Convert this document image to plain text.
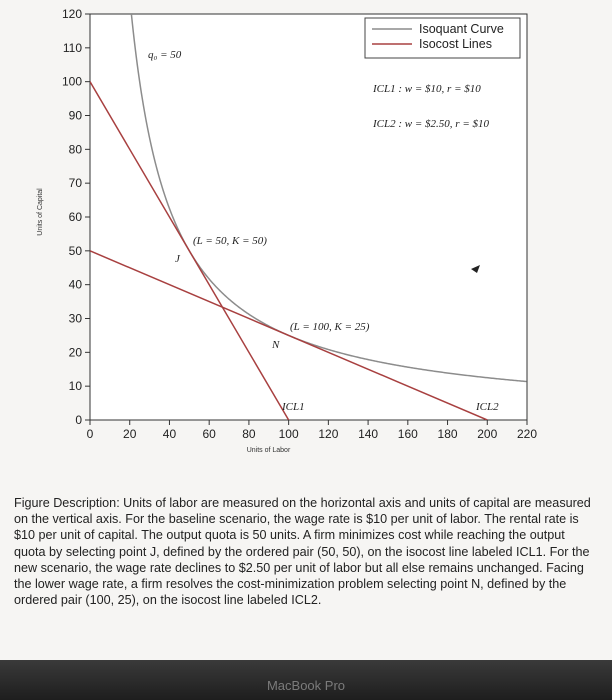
0
10
20
30
40
50
60
70
80
90
100
110
120
0 20 40 60 80 100 120 140 160 180 200 220
Units of Labor
Units of Capital
Isoquant Curve
Isocost Lines
q₀ = 50
ICL1 : w = $10, r = $10
ICL2 : w = $2.50, r = $10
(L = 50, K = 50)
J
(L = 100, K = 25)
N
ICL1	ICL2
Figure Description: Units of labor are measured on the horizontal axis and units of capital are measured on the vertical axis. For the baseline scenario, the wage rate is $10 per unit of labor. The rental rate is $10 per unit of capital. The output quota is 50 units. A firm minimizes cost while reaching the output quota by selecting point J, defined by the ordered pair (50, 50), on the isocost line labeled ICL1. For the new scenario, the wage rate declines to $2.50 per unit of labor but all else remains unchanged. Facing the lower wage rate, a firm resolves the cost-minimization problem selecting point N, defined by the ordered pair (100, 25), on the isocost line labeled ICL2.
MacBook Pro
